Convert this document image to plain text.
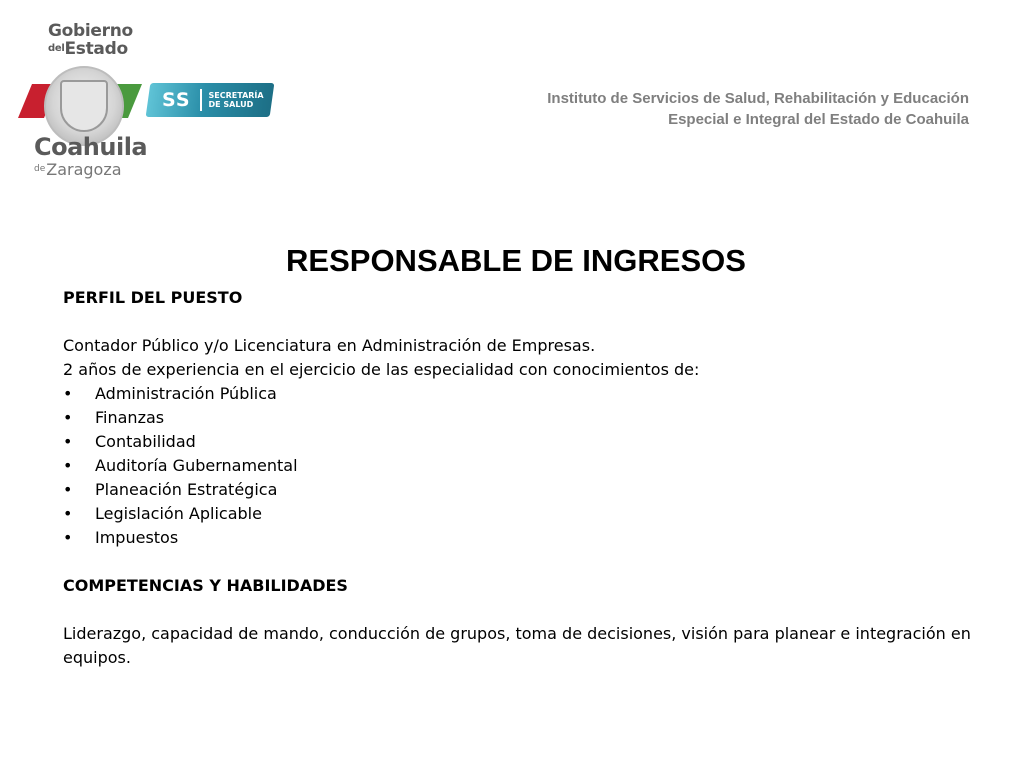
Gobierno
delEstado
SS SECRETARÍA
DE SALUD
Coahuila
$^{de}$Zaragoza
Instituto de Servicios de Salud, Rehabilitación y Educación
Especial e Integral del Estado de Coahuila
RESPONSABLE DE INGRESOS

PERFIL DEL PUESTO

Contador Público y/o Licenciatura en Administración de Empresas.

2 años de experiencia en el ejercicio de las especialidad con conocimientos de:

• Administración Pública
• Finanzas
• Contabilidad
• Auditoría Gubernamental
• Planeación Estratégica
• Legislación Aplicable
• Impuestos

COMPETENCIAS Y HABILIDADES

Liderazgo, capacidad de mando, conducción de grupos, toma de decisiones, visión para planear e integración en equipos.
